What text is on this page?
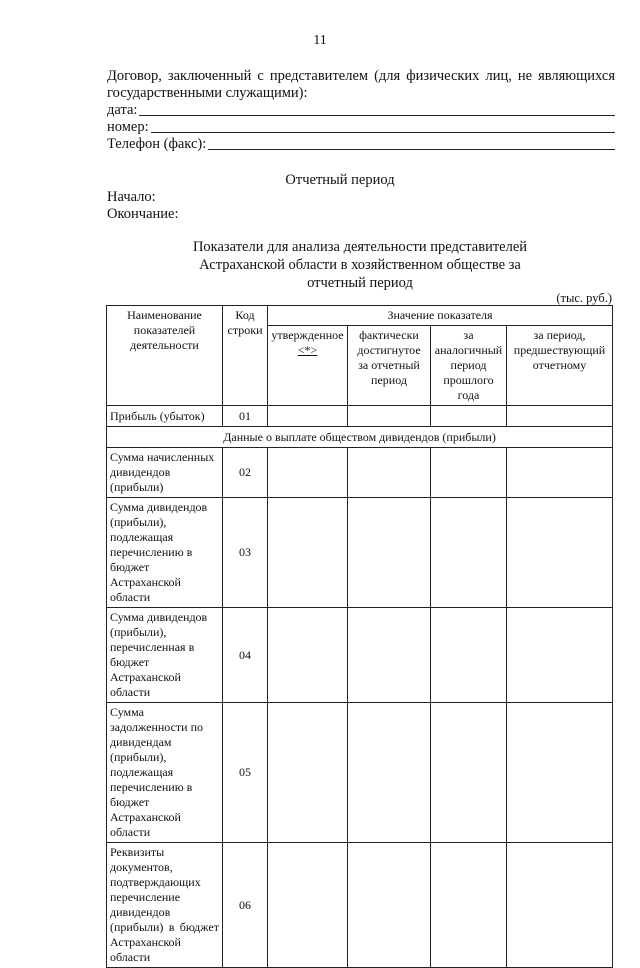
11
Договор, заключенный с представителем (для физических лиц, не являющихся государственными служащими):
дата:
номер:
Телефон (факс):
Отчетный период
Начало:
Окончание:
Показатели для анализа деятельности представителей
Астраханской области в хозяйственном обществе за
отчетный период
(тыс. руб.)
Наименование показателей деятельности	Код строки	Значение показателя			
		утвержденное <*>	фактически достигнутое за отчетный период	за аналогичный период прошлого года	за период, предшествующий отчетному
Прибыль (убыток)	01				
Данные о выплате обществом дивидендов (прибыли)					
Сумма начисленных дивидендов (прибыли)	02				
Сумма дивидендов (прибыли), подлежащая перечислению в бюджет Астраханской области	03				
Сумма дивидендов (прибыли), перечисленная в бюджет Астраханской области	04				
Сумма задолженности по дивидендам (прибыли), подлежащая перечислению в бюджет Астраханской области	05				
Реквизиты документов, подтверждающих перечисление дивидендов (прибыли) в бюджет Астраханской области	06				
